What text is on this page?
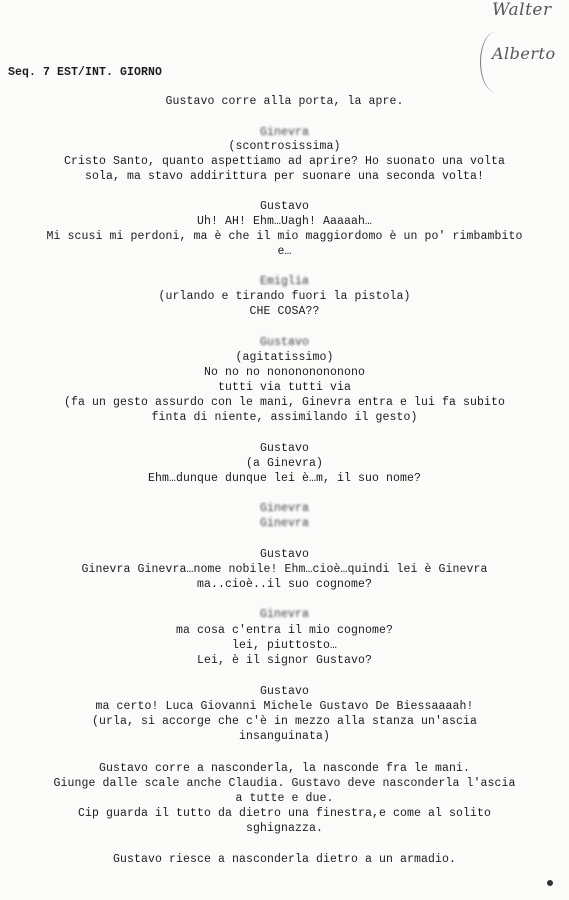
Walter
Alberto
Seq. 7 EST/INT. GIORNO
Gustavo corre alla porta, la apre.
Ginevra
(scontrosissima)
Cristo Santo, quanto aspettiamo ad aprire? Ho suonato una volta
sola, ma stavo addirittura per suonare una seconda volta!
Gustavo
Uh! AH! Ehm…Uagh! Aaaaah…
Mi scusi mi perdoni, ma è che il mio maggiordomo è un po' rimbambito
e…
Emiglia
(urlando e tirando fuori la pistola)
CHE COSA??
Gustavo
(agitatissimo)
No no no nonononononono
tutti via tutti via
(fa un gesto assurdo con le mani, Ginevra entra e lui fa subito
finta di niente, assimilando il gesto)
Gustavo
(a Ginevra)
Ehm…dunque dunque lei è…m, il suo nome?
Ginevra
Ginevra
Gustavo
Ginevra Ginevra…nome nobile! Ehm…cioè…quindi lei è Ginevra
ma..cioè..il suo cognome?
Ginevra
ma cosa c'entra il mio cognome?
lei, piuttosto…
Lei, è il signor Gustavo?
Gustavo
ma certo! Luca Giovanni Michele Gustavo De Biessaaaah!
(urla, si accorge che c'è in mezzo alla stanza un'ascia
insanguinata)
Gustavo corre a nasconderla, la nasconde fra le mani.
Giunge dalle scale anche Claudia. Gustavo deve nasconderla l'ascia
a tutte e due.
Cip guarda il tutto da dietro una finestra,e come al solito
sghignazza.
Gustavo riesce a nasconderla dietro a un armadio.
